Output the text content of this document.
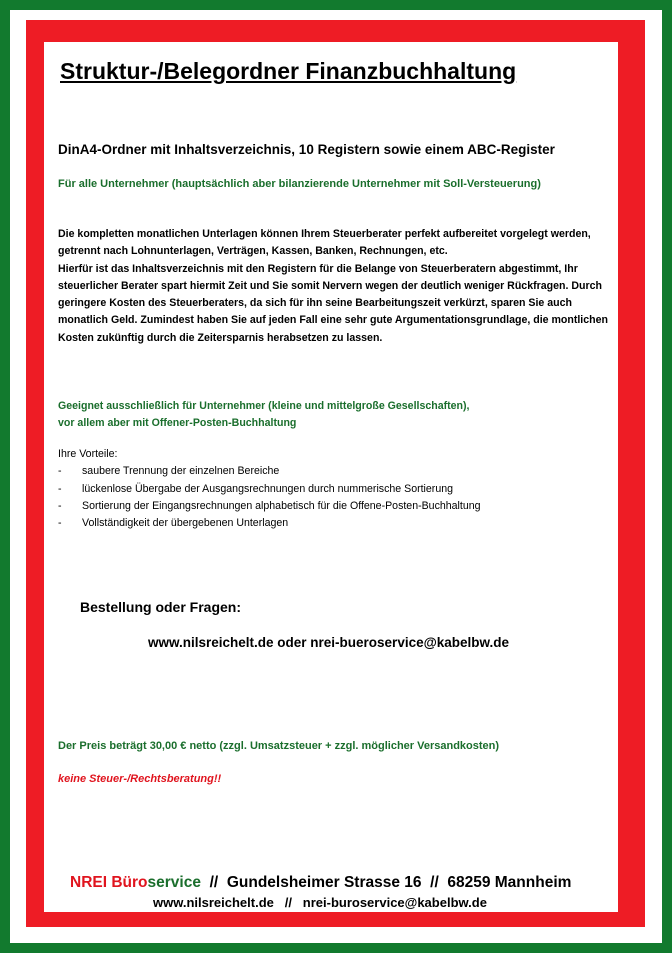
Struktur-/Belegordner Finanzbuchhaltung
DinA4-Ordner mit Inhaltsverzeichnis, 10 Registern sowie einem ABC-Register
Für alle Unternehmer (hauptsächlich aber bilanzierende Unternehmer mit Soll-Versteuerung)

Die kompletten monatlichen Unterlagen können Ihrem Steuerberater perfekt aufbereitet vorgelegt werden, getrennt nach Lohnunterlagen, Verträgen, Kassen, Banken, Rechnungen, etc.

Hierfür ist das Inhaltsverzeichnis mit den Registern für die Belange von Steuerberatern abgestimmt, Ihr steuerlicher Berater spart hiermit Zeit und Sie somit Nervern wegen der deutlich weniger Rückfragen. Durch geringere Kosten des Steuerberaters, da sich für ihn seine Bearbeitungszeit verkürzt, sparen Sie auch monatlich Geld. Zumindest haben Sie auf jeden Fall eine sehr gute Argumentationsgrundlage, die montlichen Kosten zukünftig durch die Zeitersparnis herabsetzen zu lassen.

Geeignet ausschließlich für Unternehmer (kleine und mittelgroße Gesellschaften),
vor allem aber mit Offener-Posten-Buchhaltung
Ihre Vorteile:
-	saubere Trennung der einzelnen Bereiche
-	lückenlose Übergabe der Ausgangsrechnungen durch nummerische Sortierung
-	Sortierung der Eingangsrechnungen alphabetisch für die Offene-Posten-Buchhaltung
-	Vollständigkeit der übergebenen Unterlagen
Bestellung oder Fragen:
www.nilsreichelt.de oder nrei-bueroservice@kabelbw.de
Der Preis beträgt 30,00 € netto (zzgl. Umsatzsteuer + zzgl. möglicher Versandkosten)
keine Steuer-/Rechtsberatung!!
NREI Büroservice  //  Gundelsheimer Strasse 16  //  68259 Mannheim
www.nilsreichelt.de   //   nrei-buroservice@kabelbw.de
